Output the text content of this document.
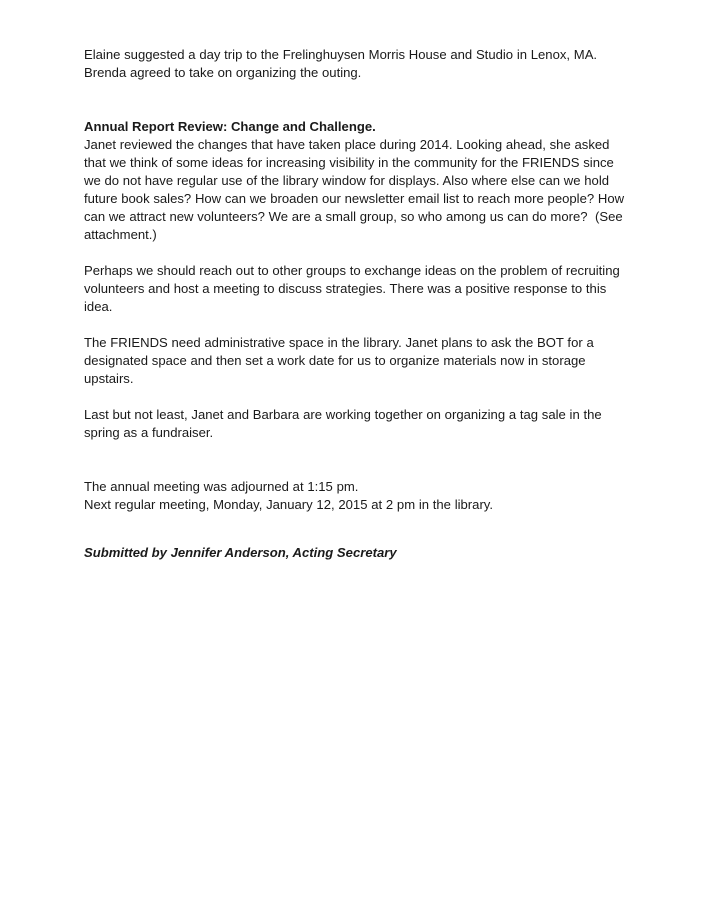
Elaine suggested a day trip to the Frelinghuysen Morris House and Studio in Lenox, MA. Brenda agreed to take on organizing the outing.

Annual Report Review: Change and Challenge.

Janet reviewed the changes that have taken place during 2014. Looking ahead, she asked that we think of some ideas for increasing visibility in the community for the FRIENDS since we do not have regular use of the library window for displays. Also where else can we hold future book sales? How can we broaden our newsletter email list to reach more people? How can we attract new volunteers? We are a small group, so who among us can do more?  (See attachment.)

Perhaps we should reach out to other groups to exchange ideas on the problem of recruiting volunteers and host a meeting to discuss strategies. There was a positive response to this idea.

The FRIENDS need administrative space in the library. Janet plans to ask the BOT for a designated space and then set a work date for us to organize materials now in storage upstairs.

Last but not least, Janet and Barbara are working together on organizing a tag sale in the spring as a fundraiser.

The annual meeting was adjourned at 1:15 pm.

Next regular meeting, Monday, January 12, 2015 at 2 pm in the library.

Submitted by Jennifer Anderson, Acting Secretary
